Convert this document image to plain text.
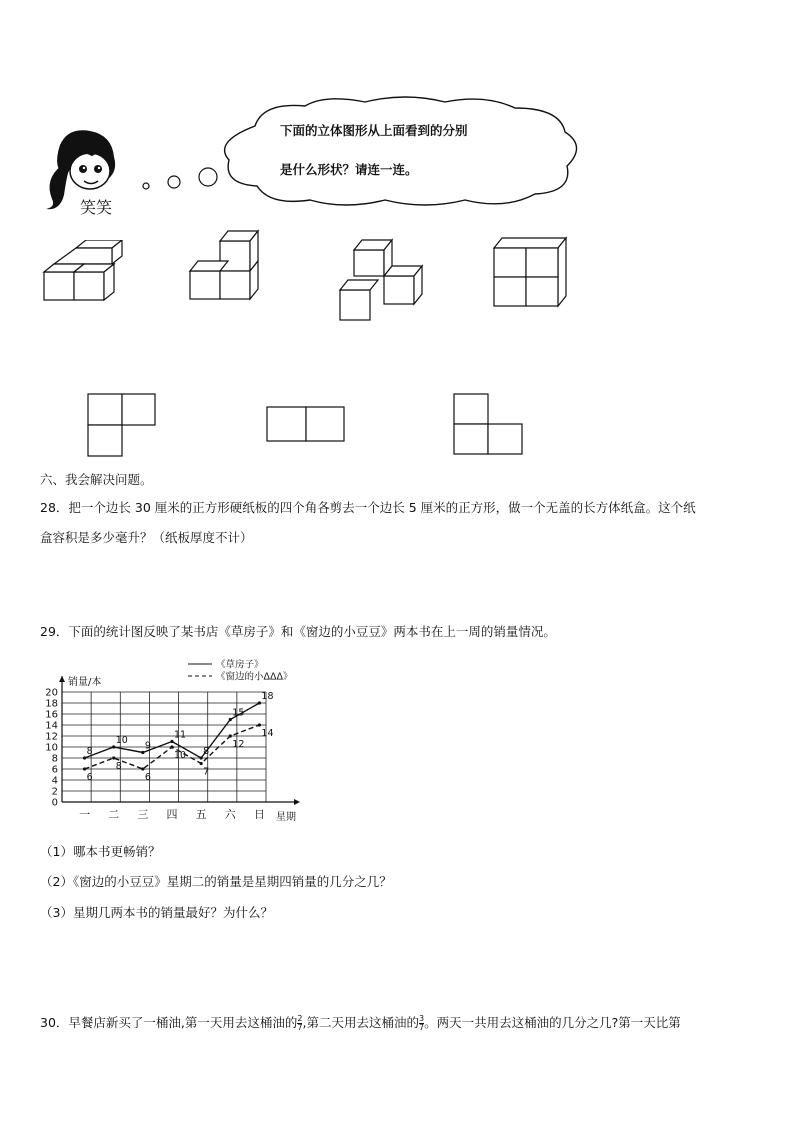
笑笑
下面的立体图形从上面看到的分别
是什么形状？请连一连。
六、我会解决问题。
28．把一个边长 30 厘米的正方形硬纸板的四个角各剪去一个边长 5 厘米的正方形，做一个无盖的长方体纸盒。这个纸
盒容积是多少毫升？（纸板厚度不计）
29．下面的统计图反映了某书店《草房子》和《窗边的小豆豆》两本书在上一周的销量情况。
0
2
4
6
8
10
12
14
16
18
20
销量/本
星期
一 二 三 四 五 六 日
8
10 9
11
8
15
18
6
8
6
10
7
12
14
《草房子》
《窗边的小ΔΔΔ》
（1）哪本书更畅销？
（2）《窗边的小豆豆》星期二的销量是星期四销量的几分之几？
（3）星期几两本书的销量最好？为什么？
30．早餐店新买了一桶油,第一天用去这桶油的 $\frac{2}{7}$ ,第二天用去这桶油的 $\frac{3}{7}$ 。两天一共用去这桶油的几分之几?第一天比第
